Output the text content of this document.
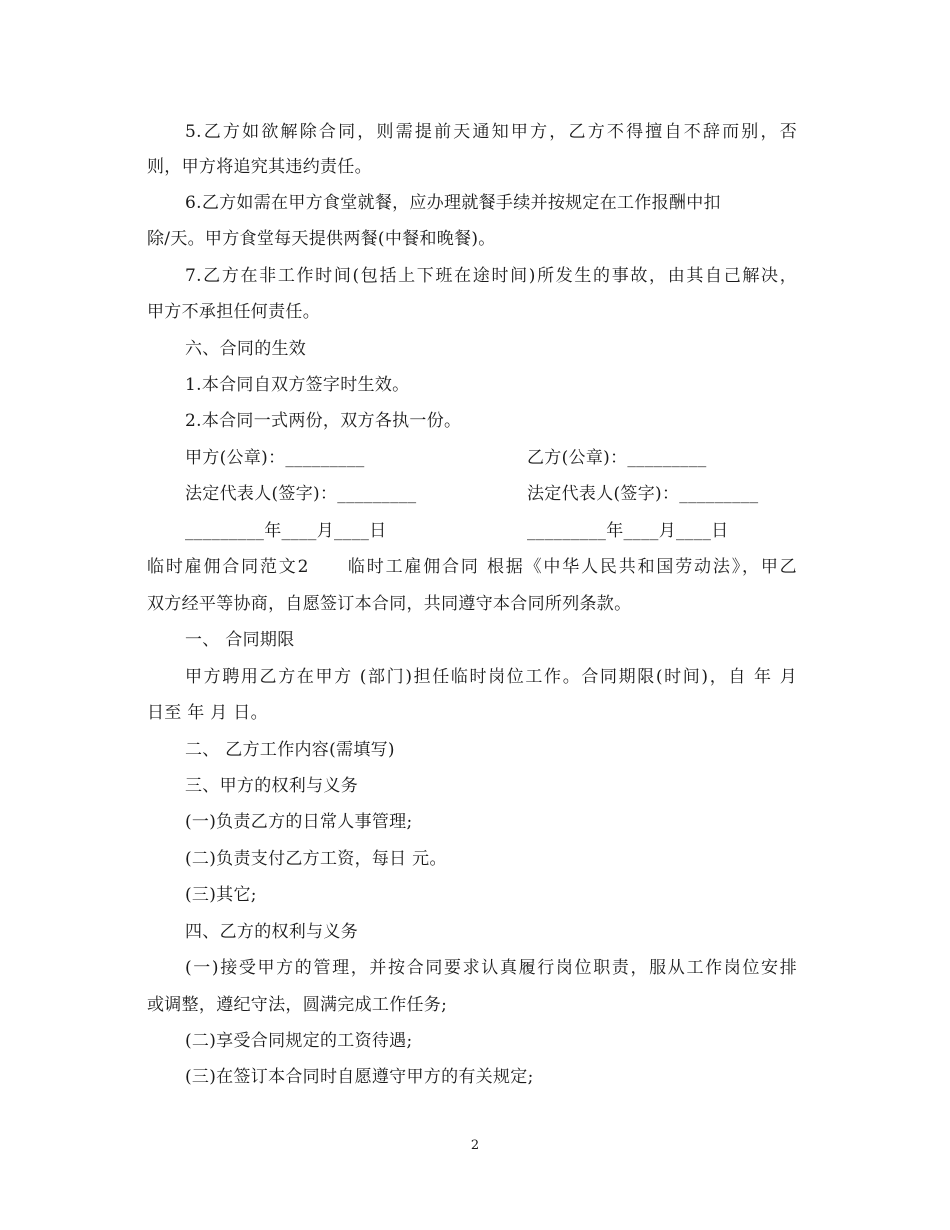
5.乙方如欲解除合同，则需提前天通知甲方，乙方不得擅自不辞而别，否
则，甲方将追究其违约责任。
6.乙方如需在甲方食堂就餐，应办理就餐手续并按规定在工作报酬中扣
除/天。甲方食堂每天提供两餐(中餐和晚餐)。
7.乙方在非工作时间(包括上下班在途时间)所发生的事故，由其自己解决，
甲方不承担任何责任。
六、合同的生效
1.本合同自双方签字时生效。
2.本合同一式两份，双方各执一份。
甲方(公章)：_________	乙方(公章)：_________
法定代表人(签字)：_________	法定代表人(签字)：_________
_________年____月____日	_________年____月____日
临时雇佣合同范文2　　临时工雇佣合同 根据《中华人民共和国劳动法》，甲乙
双方经平等协商，自愿签订本合同，共同遵守本合同所列条款。
一、 合同期限
甲方聘用乙方在甲方 (部门)担任临时岗位工作。合同期限(时间)，自 年 月
日至 年 月 日。
二、 乙方工作内容(需填写)
三、甲方的权利与义务
(一)负责乙方的日常人事管理;
(二)负责支付乙方工资，每日 元。
(三)其它;
四、乙方的权利与义务
(一)接受甲方的管理，并按合同要求认真履行岗位职责，服从工作岗位安排
或调整，遵纪守法，圆满完成工作任务;
(二)享受合同规定的工资待遇;
(三)在签订本合同时自愿遵守甲方的有关规定;
2
